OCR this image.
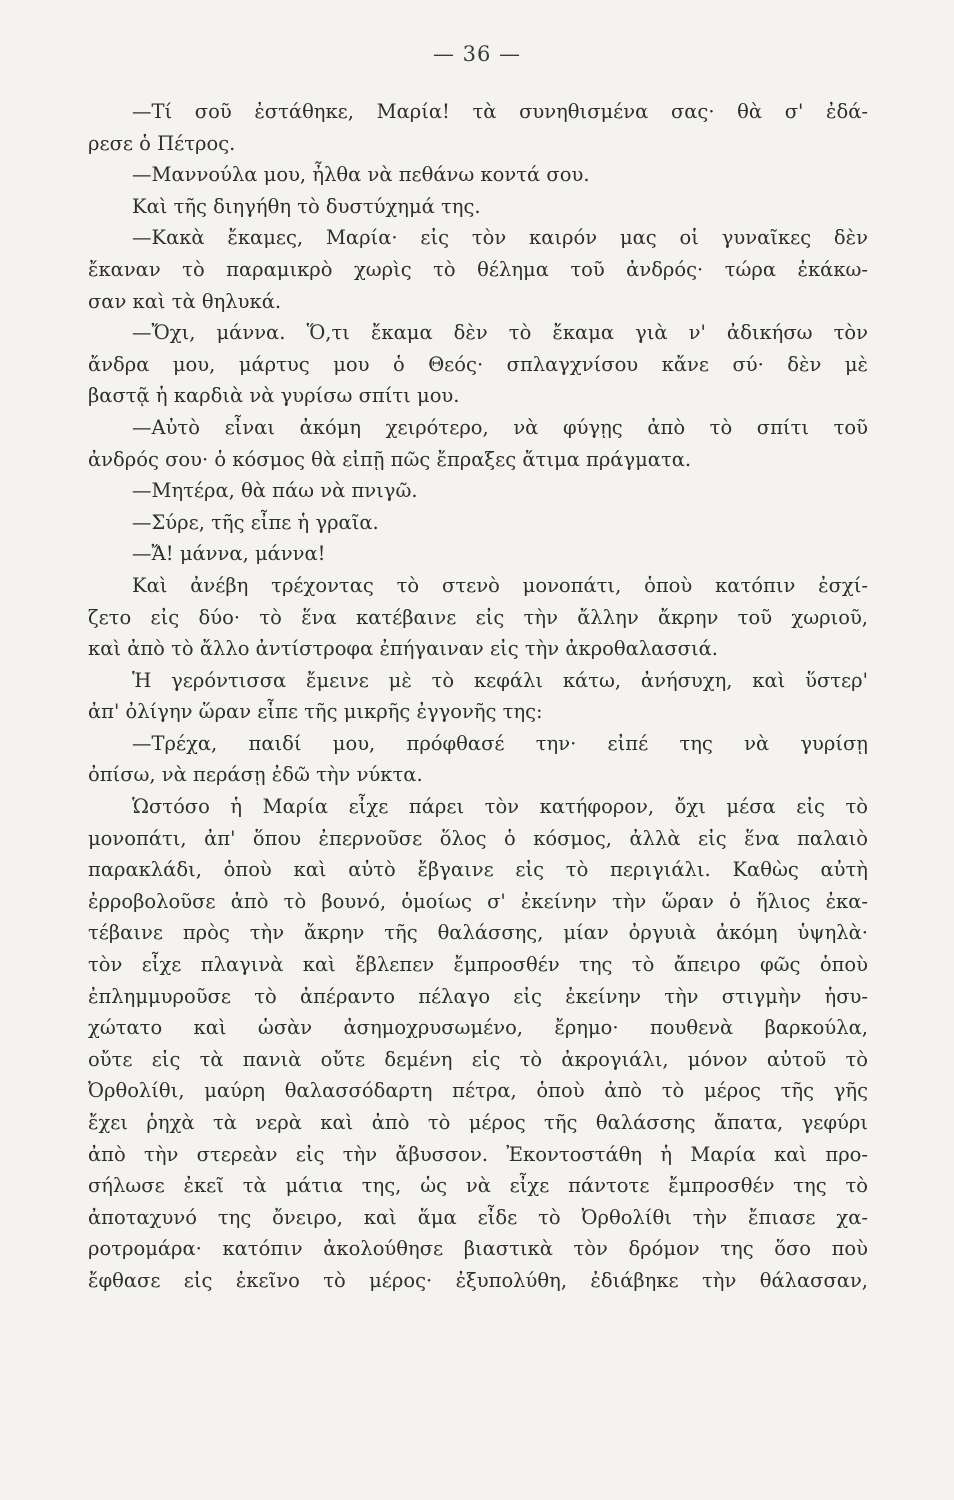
— 36 —
—Τί σοῦ ἐστάθηκε, Μαρία! τὰ συνηθισμένα σας· θὰ σ' ἐδά-
ρεσε ὁ Πέτρος.
—Μαννούλα μου, ἦλθα νὰ πεθάνω κοντά σου.
Καὶ τῆς διηγήθη τὸ δυστύχημά της.
—Κακὰ ἔκαμες, Μαρία· εἰς τὸν καιρόν μας οἱ γυναῖκες δὲν
ἔκαναν τὸ παραμικρὸ χωρὶς τὸ θέλημα τοῦ ἀνδρός· τώρα ἐκάκω-
σαν καὶ τὰ θηλυκά.
—Ὄχι, μάννα. Ὅ,τι ἔκαμα δὲν τὸ ἔκαμα γιὰ ν' ἀδικήσω τὸν
ἄνδρα μου, μάρτυς μου ὁ Θεός· σπλαγχνίσου κἄνε σύ· δὲν μὲ
βαστᾷ ἡ καρδιὰ νὰ γυρίσω σπίτι μου.
—Αὐτὸ εἶναι ἀκόμη χειρότερο, νὰ φύγῃς ἀπὸ τὸ σπίτι τοῦ
ἀνδρός σου· ὁ κόσμος θὰ εἰπῇ πῶς ἔπραξες ἄτιμα πράγματα.
—Μητέρα, θὰ πάω νὰ πνιγῶ.
—Σύρε, τῆς εἶπε ἡ γραῖα.
—Ἄ! μάννα, μάννα!
Καὶ ἀνέβη τρέχοντας τὸ στενὸ μονοπάτι, ὁποὺ κατόπιν ἐσχί-
ζετο εἰς δύο· τὸ ἕνα κατέβαινε εἰς τὴν ἄλλην ἄκρην τοῦ χωριοῦ,
καὶ ἀπὸ τὸ ἄλλο ἀντίστροφα ἐπήγαιναν εἰς τὴν ἀκροθαλασσιά.
Ἡ γερόντισσα ἔμεινε μὲ τὸ κεφάλι κάτω, ἀνήσυχη, καὶ ὕστερ'
ἀπ' ὀλίγην ὥραν εἶπε τῆς μικρῆς ἐγγονῆς της:
—Τρέχα, παιδί μου, πρόφθασέ την· εἰπέ της νὰ γυρίσῃ
ὀπίσω, νὰ περάσῃ ἐδῶ τὴν νύκτα.
Ὡστόσο ἡ Μαρία εἶχε πάρει τὸν κατήφορον, ὄχι μέσα εἰς τὸ
μονοπάτι, ἀπ' ὅπου ἐπερνοῦσε ὅλος ὁ κόσμος, ἀλλὰ εἰς ἕνα παλαιὸ
παρακλάδι, ὁποὺ καὶ αὐτὸ ἔβγαινε εἰς τὸ περιγιάλι. Καθὼς αὐτὴ
ἐρροβολοῦσε ἀπὸ τὸ βουνό, ὁμοίως σ' ἐκείνην τὴν ὥραν ὁ ἥλιος ἐκα-
τέβαινε πρὸς τὴν ἄκρην τῆς θαλάσσης, μίαν ὀργυιὰ ἀκόμη ὑψηλὰ·
τὸν εἶχε πλαγινὰ καὶ ἔβλεπεν ἔμπροσθέν της τὸ ἄπειρο φῶς ὁποὺ
ἐπλημμυροῦσε τὸ ἀπέραντο πέλαγο εἰς ἐκείνην τὴν στιγμὴν ἡσυ-
χώτατο καὶ ὡσὰν ἀσημοχρυσωμένο, ἔρημο· πουθενὰ βαρκούλα,
οὔτε εἰς τὰ πανιὰ οὔτε δεμένη εἰς τὸ ἀκρογιάλι, μόνον αὐτοῦ τὸ
Ὀρθολίθι, μαύρη θαλασσόδαρτη πέτρα, ὁποὺ ἀπὸ τὸ μέρος τῆς γῆς
ἔχει ῥηχὰ τὰ νερὰ καὶ ἀπὸ τὸ μέρος τῆς θαλάσσης ἄπατα, γεφύρι
ἀπὸ τὴν στερεὰν εἰς τὴν ἄβυσσον. Ἐκοντοστάθη ἡ Μαρία καὶ προ-
σήλωσε ἐκεῖ τὰ μάτια της, ὡς νὰ εἶχε πάντοτε ἔμπροσθέν της τὸ
ἀποταχυνό της ὄνειρο, καὶ ἅμα εἶδε τὸ Ὀρθολίθι τὴν ἔπιασε χα-
ροτρομάρα· κατόπιν ἀκολούθησε βιαστικὰ τὸν δρόμον της ὅσο ποὺ
ἔφθασε εἰς ἐκεῖνο τὸ μέρος· ἐξυπολύθη, ἐδιάβηκε τὴν θάλασσαν,
